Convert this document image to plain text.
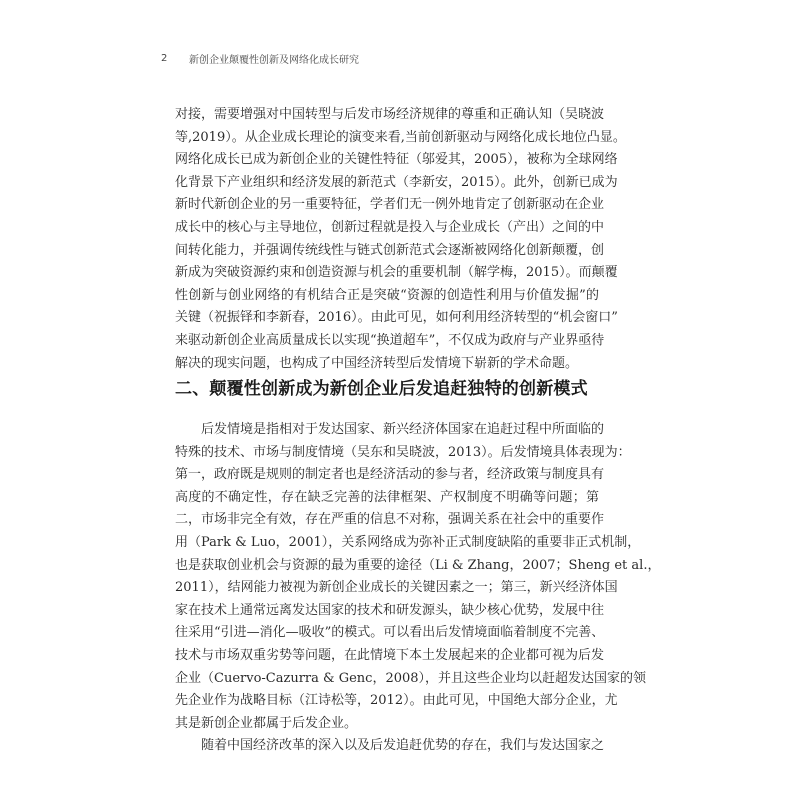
2	新创企业颠覆性创新及网络化成长研究
对接，需要增强对中国转型与后发市场经济规律的尊重和正确认知（吴晓波
等,2019）。从企业成长理论的演变来看,当前创新驱动与网络化成长地位凸显。
网络化成长已成为新创企业的关键性特征（邬爱其，2005），被称为全球网络
化背景下产业组织和经济发展的新范式（李新安，2015）。此外，创新已成为
新时代新创企业的另一重要特征，学者们无一例外地肯定了创新驱动在企业
成长中的核心与主导地位，创新过程就是投入与企业成长（产出）之间的中
间转化能力，并强调传统线性与链式创新范式会逐渐被网络化创新颠覆，创
新成为突破资源约束和创造资源与机会的重要机制（解学梅，2015）。而颠覆
性创新与创业网络的有机结合正是突破“资源的创造性利用与价值发掘”的
关键（祝振铎和李新春，2016）。由此可见，如何利用经济转型的“机会窗口”
来驱动新创企业高质量成长以实现“换道超车”，不仅成为政府与产业界亟待
解决的现实问题，也构成了中国经济转型后发情境下崭新的学术命题。
二、颠覆性创新成为新创企业后发追赶独特的创新模式
后发情境是指相对于发达国家、新兴经济体国家在追赶过程中所面临的
特殊的技术、市场与制度情境（吴东和吴晓波，2013）。后发情境具体表现为：
第一，政府既是规则的制定者也是经济活动的参与者，经济政策与制度具有
高度的不确定性，存在缺乏完善的法律框架、产权制度不明确等问题；第
二，市场非完全有效，存在严重的信息不对称，强调关系在社会中的重要作
用（Park & Luo，2001），关系网络成为弥补正式制度缺陷的重要非正式机制，
也是获取创业机会与资源的最为重要的途径（Li & Zhang，2007；Sheng et al.，
2011），结网能力被视为新创企业成长的关键因素之一；第三，新兴经济体国
家在技术上通常远离发达国家的技术和研发源头，缺少核心优势，发展中往
往采用“引进—消化—吸收”的模式。可以看出后发情境面临着制度不完善、
技术与市场双重劣势等问题，在此情境下本土发展起来的企业都可视为后发
企业（Cuervo-Cazurra & Genc，2008），并且这些企业均以赶超发达国家的领
先企业作为战略目标（江诗松等，2012）。由此可见，中国绝大部分企业，尤
其是新创企业都属于后发企业。
随着中国经济改革的深入以及后发追赶优势的存在，我们与发达国家之
